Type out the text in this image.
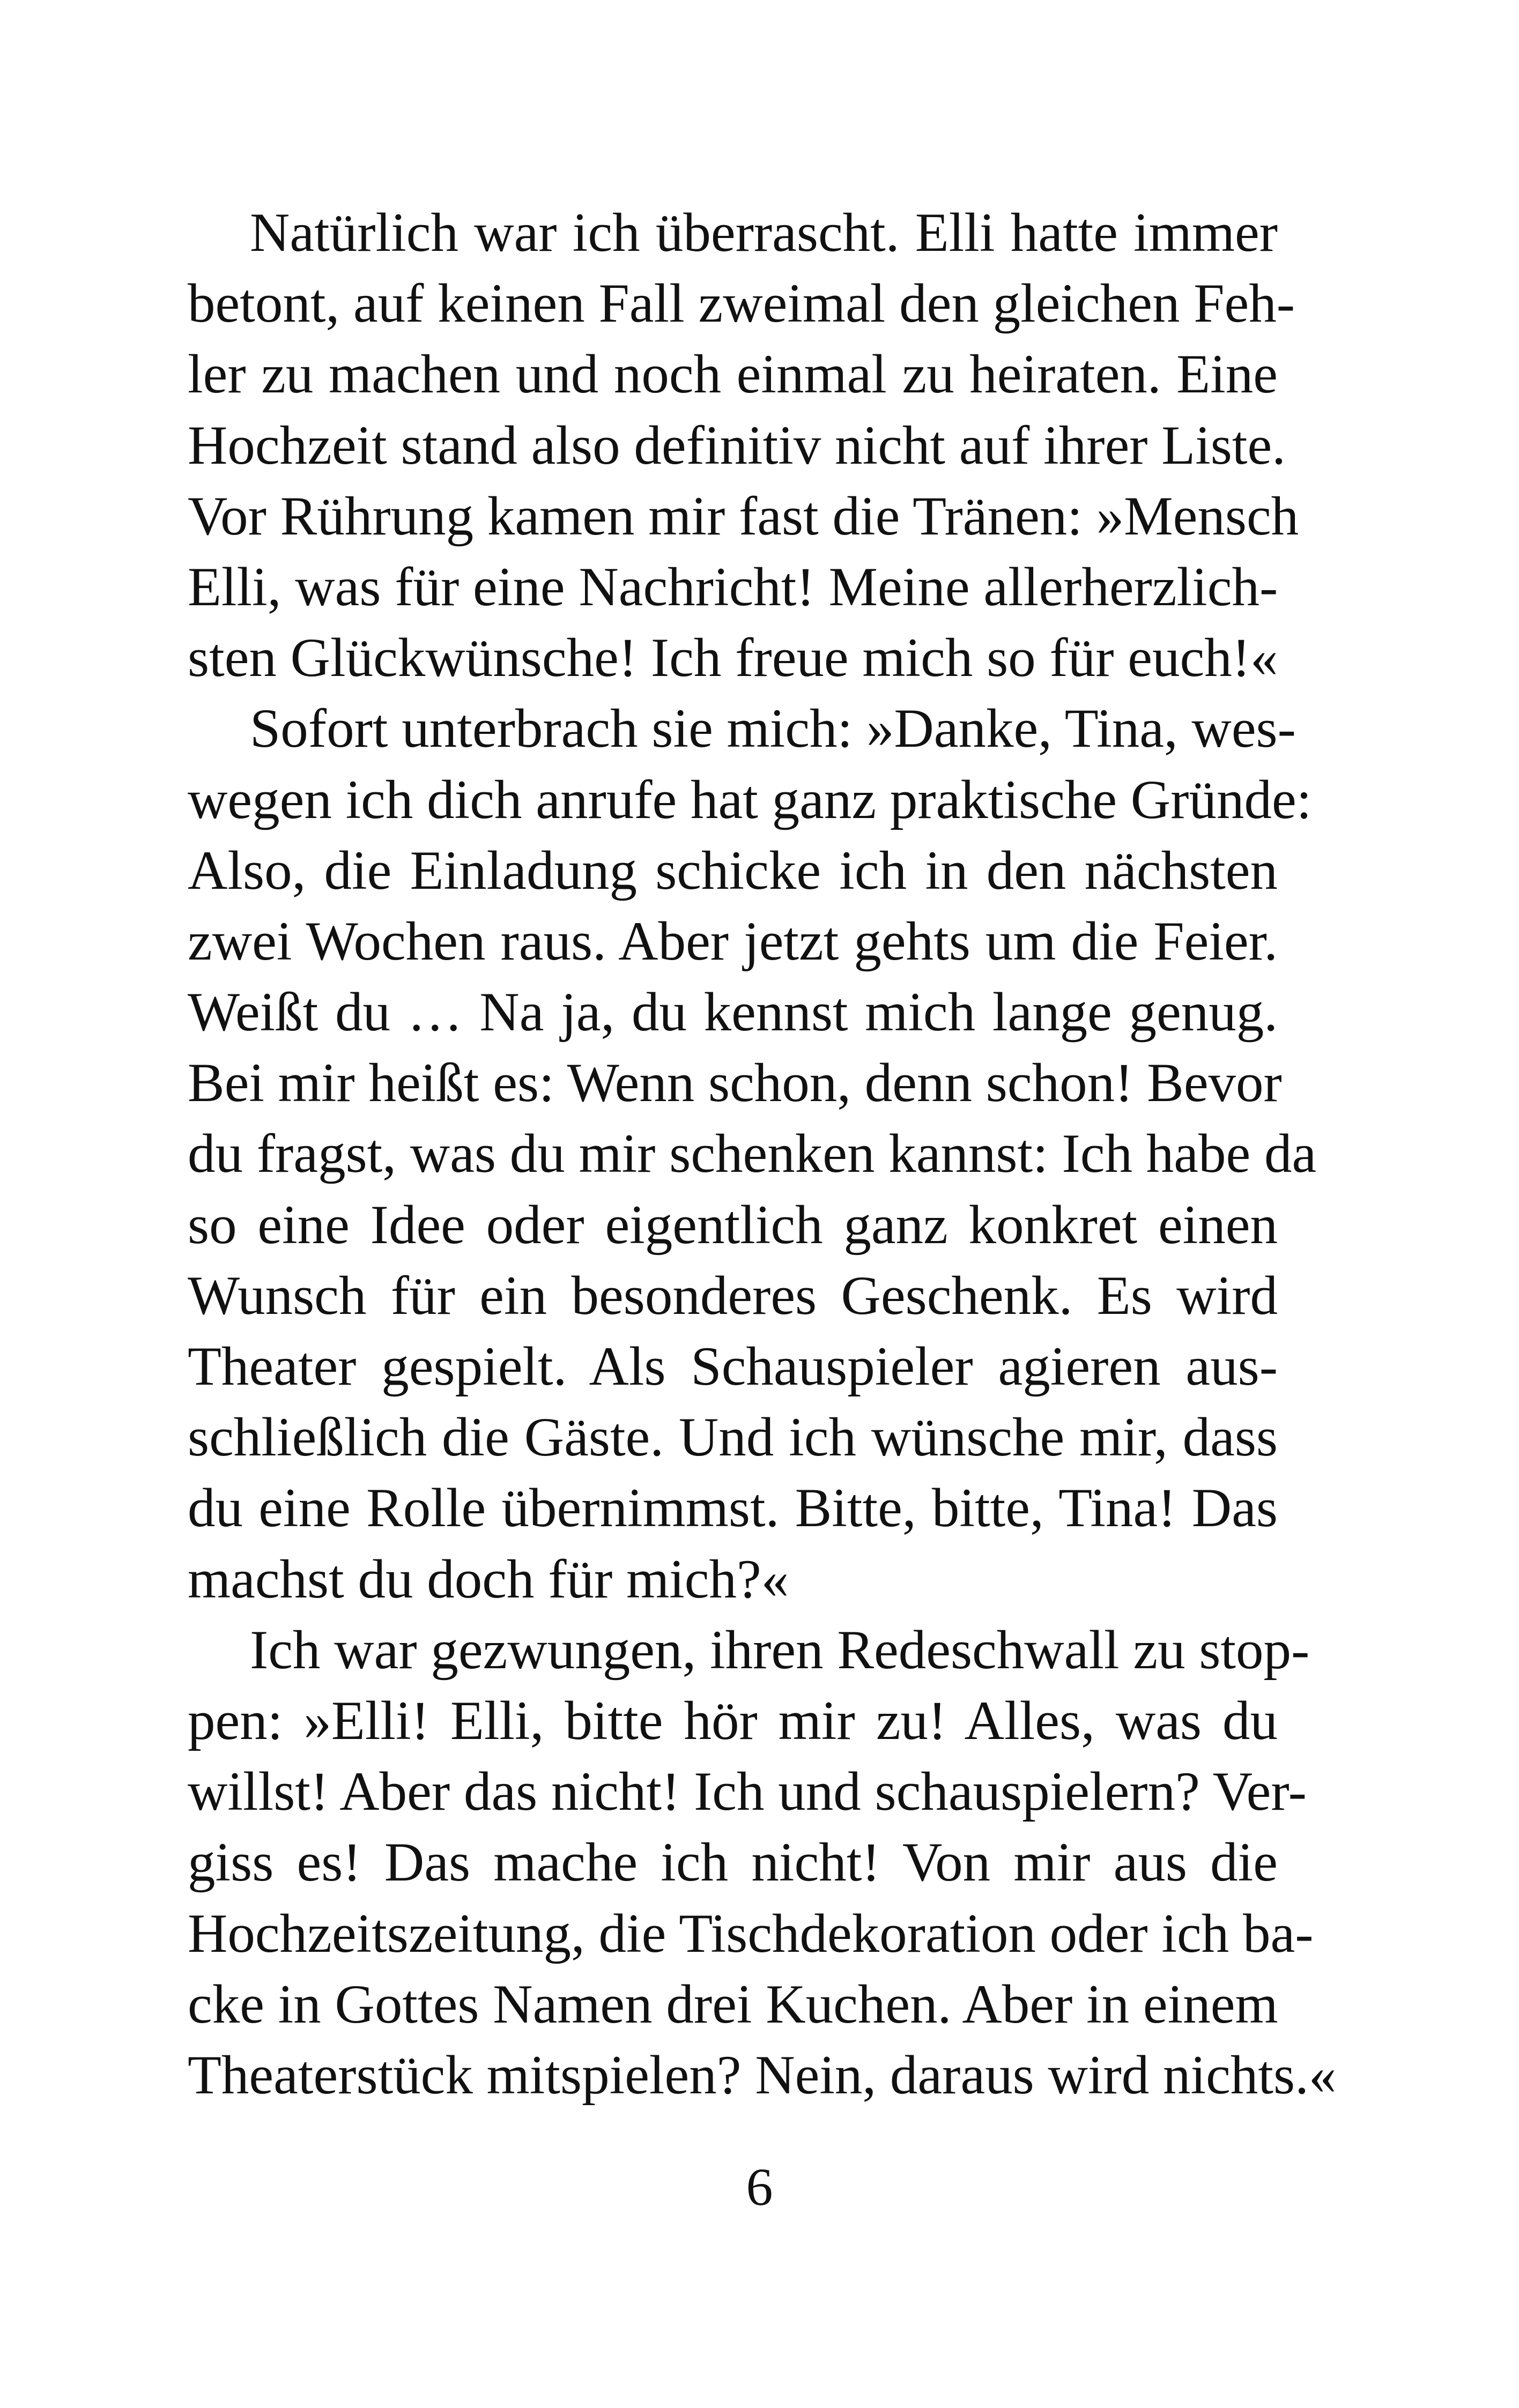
Natürlich war ich überrascht. Elli hatte immer
betont, auf keinen Fall zweimal den gleichen Feh-
ler zu machen und noch einmal zu heiraten. Eine
Hochzeit stand also definitiv nicht auf ihrer Liste.
Vor Rührung kamen mir fast die Tränen: »Mensch
Elli, was für eine Nachricht! Meine allerherzlich-
sten Glückwünsche! Ich freue mich so für euch!«
Sofort unterbrach sie mich: »Danke, Tina, wes-
wegen ich dich anrufe hat ganz praktische Gründe:
Also, die Einladung schicke ich in den nächsten
zwei Wochen raus. Aber jetzt gehts um die Feier.
Weißt du … Na ja, du kennst mich lange genug.
Bei mir heißt es: Wenn schon, denn schon! Bevor
du fragst, was du mir schenken kannst: Ich habe da
so eine Idee oder eigentlich ganz konkret einen
Wunsch für ein besonderes Geschenk. Es wird
Theater gespielt. Als Schauspieler agieren aus-
schließlich die Gäste. Und ich wünsche mir, dass
du eine Rolle übernimmst. Bitte, bitte, Tina! Das
machst du doch für mich?«
Ich war gezwungen, ihren Redeschwall zu stop-
pen: »Elli! Elli, bitte hör mir zu! Alles, was du
willst! Aber das nicht! Ich und schauspielern? Ver-
giss es! Das mache ich nicht! Von mir aus die
Hochzeitszeitung, die Tischdekoration oder ich ba-
cke in Gottes Namen drei Kuchen. Aber in einem
Theaterstück mitspielen? Nein, daraus wird nichts.«
6
